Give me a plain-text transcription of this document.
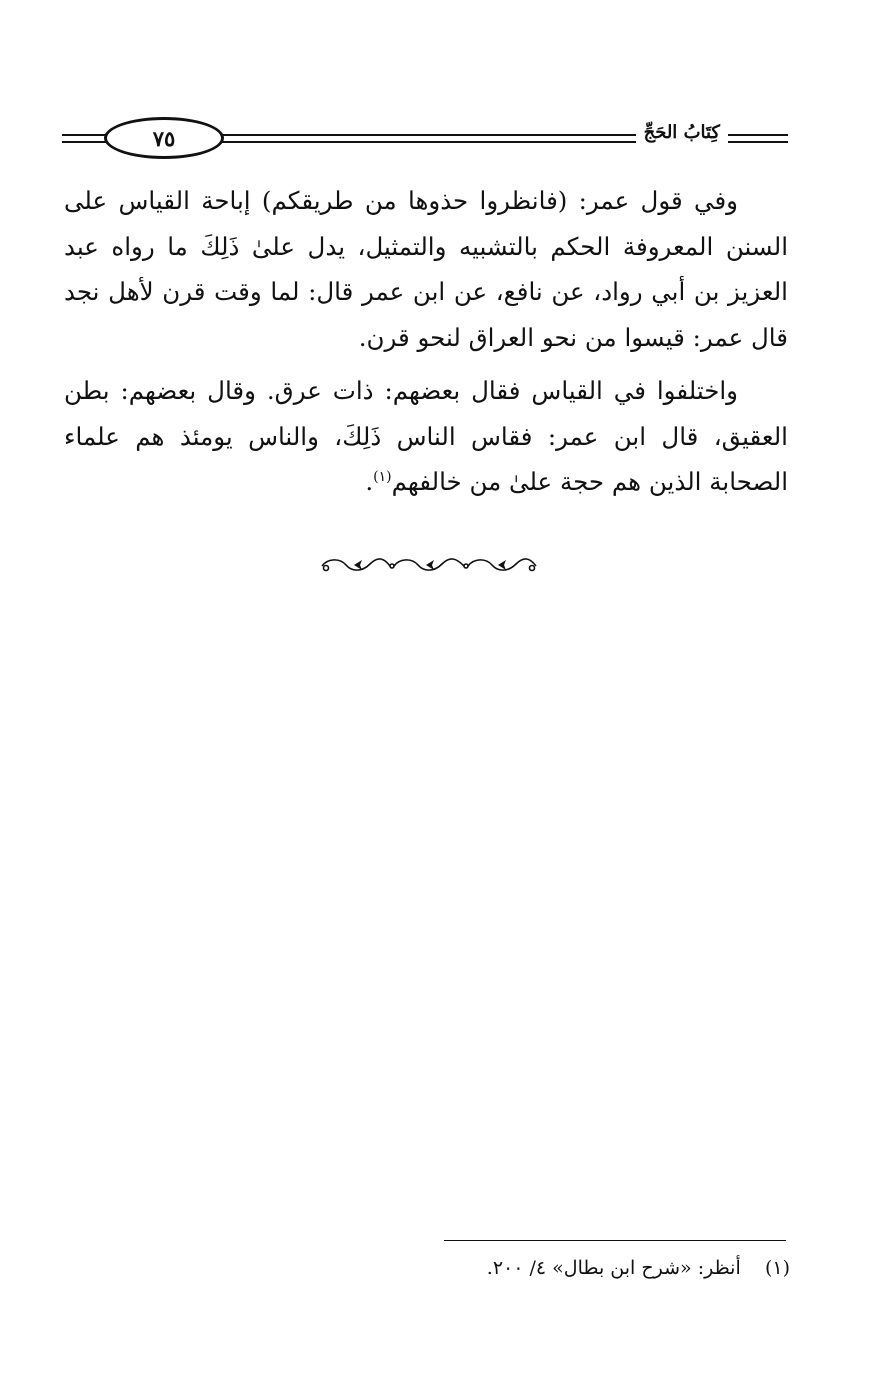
٧٥	كِتَابُ الحَجِّ

وفي قول عمر: (فانظروا حذوها من طريقكم) إباحة القياس على السنن المعروفة الحكم بالتشبيه والتمثيل، يدل علىٰ ذَلِكَ ما رواه عبد العزيز بن أبي رواد، عن نافع، عن ابن عمر قال: لما وقت قرن لأهل نجد قال عمر: قيسوا من نحو العراق لنحو قرن.

واختلفوا في القياس فقال بعضهم: ذات عرق. وقال بعضهم: بطن العقيق، قال ابن عمر: فقاس الناس ذَلِكَ، والناس يومئذ هم علماء الصحابة الذين هم حجة علىٰ من خالفهم$^{(١)}$.

(١)    أنظر: «شرح ابن بطال» ٤/ ٢٠٠.
